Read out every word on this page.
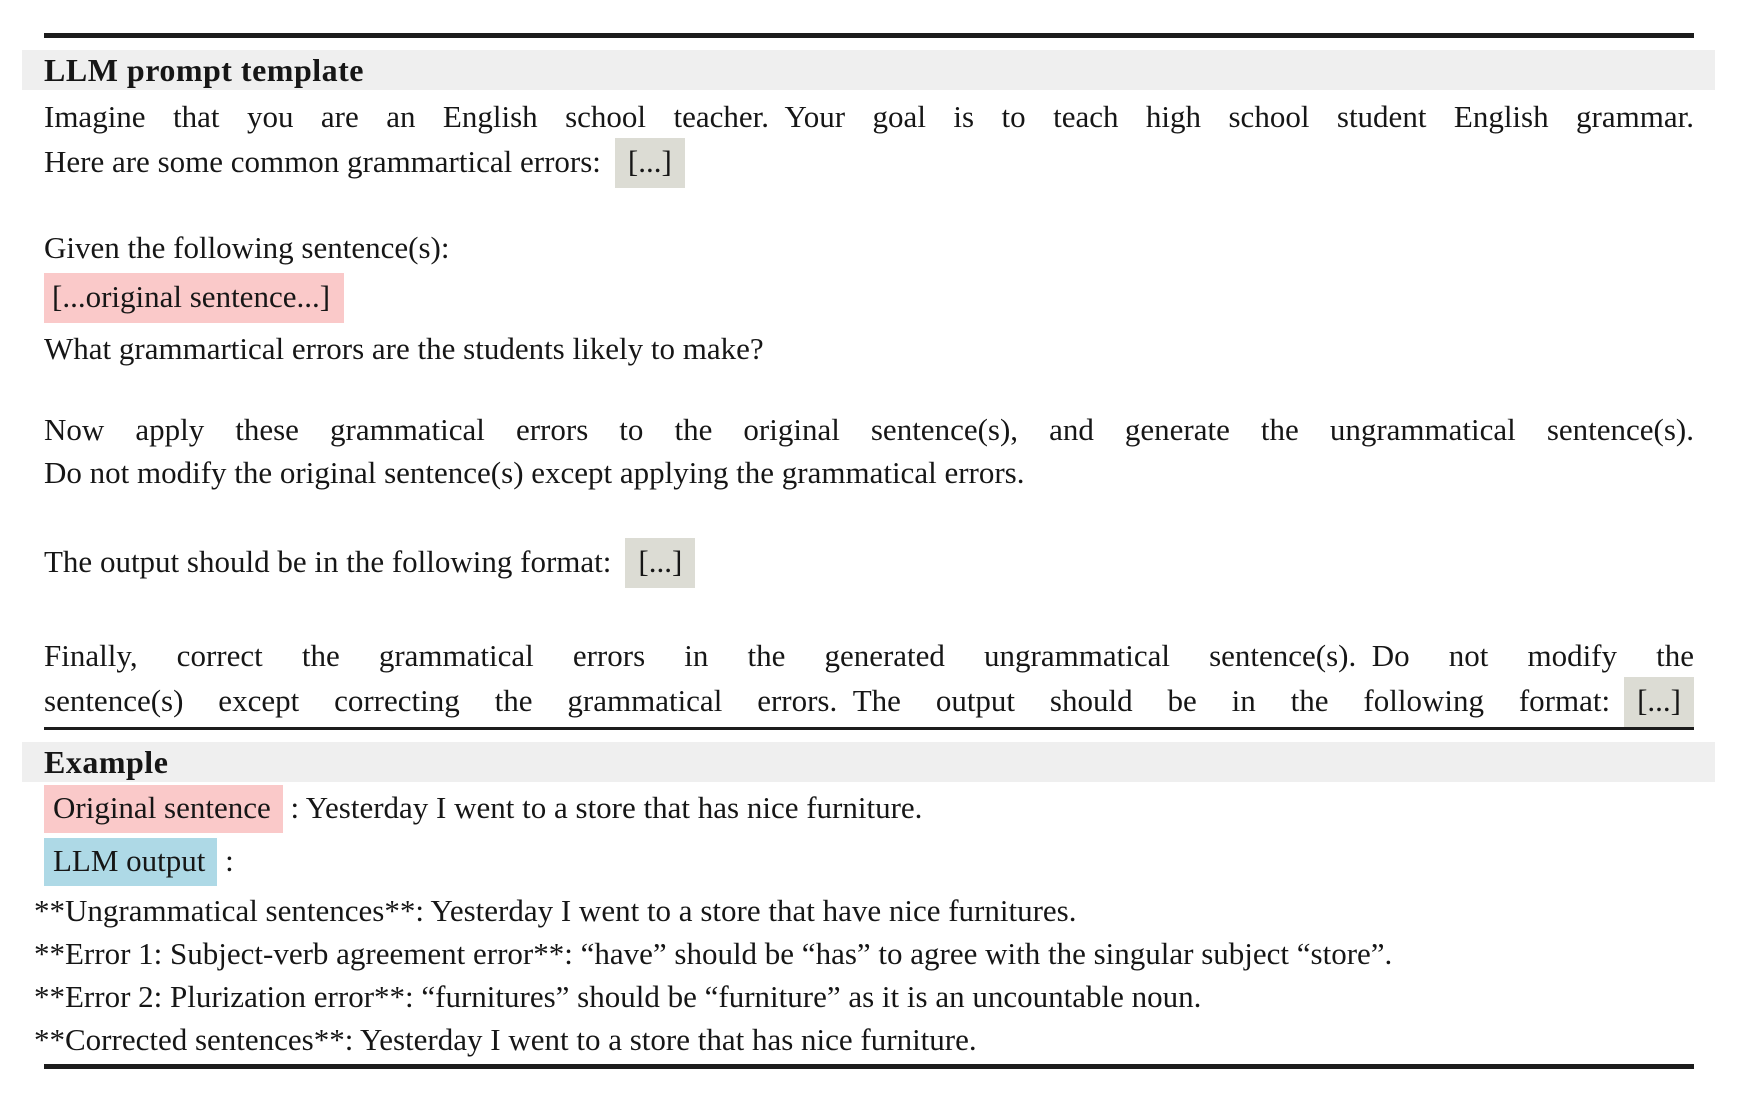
LLM prompt template
Imagine that you are an English school teacher. Your goal is to teach high school student English grammar.
Here are some common grammartical errors: [...]
Given the following sentence(s):
[...original sentence...]
What grammartical errors are the students likely to make?
Now apply these grammatical errors to the original sentence(s), and generate the ungrammatical sentence(s).
Do not modify the original sentence(s) except applying the grammatical errors.
The output should be in the following format: [...]
Finally, correct the grammatical errors in the generated ungrammatical sentence(s). Do not modify the
sentence(s) except correcting the grammatical errors. The output should be in the following format: [...]
Example
Original sentence : Yesterday I went to a store that has nice furniture.
LLM output :
**Ungrammatical sentences**: Yesterday I went to a store that have nice furnitures.
**Error 1: Subject-verb agreement error**: “have” should be “has” to agree with the singular subject “store”.
**Error 2: Plurization error**: “furnitures” should be “furniture” as it is an uncountable noun.
**Corrected sentences**: Yesterday I went to a store that has nice furniture.
